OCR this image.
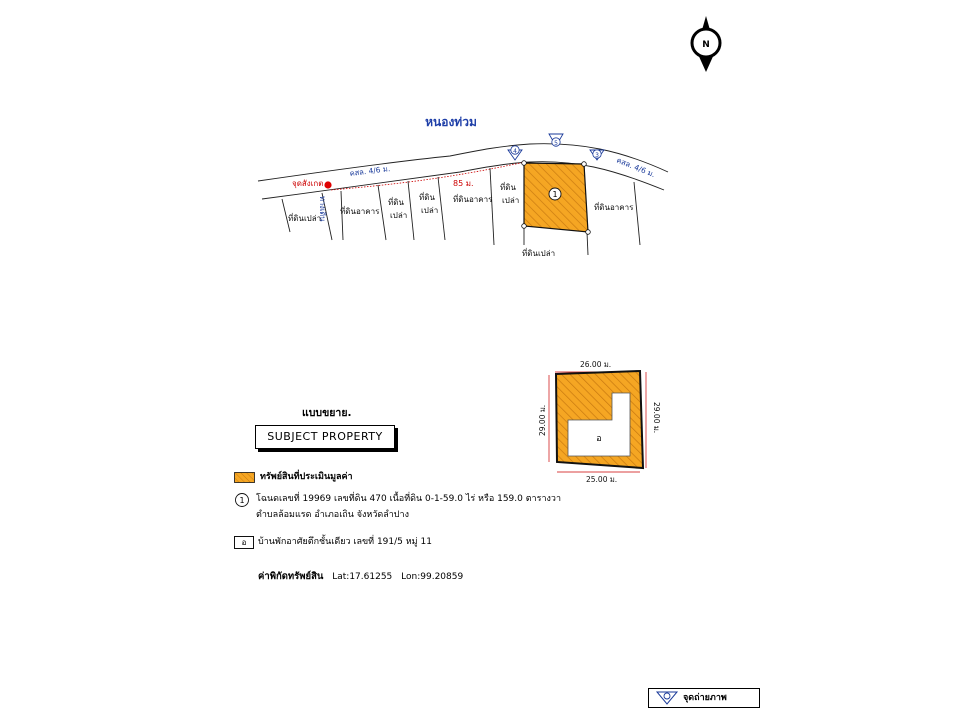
N
หนองท่วม
1
จุดสังเกต
คสล. 4/6 ม.	คสล. 4/6 ม.
ทางเดิน
85 ม.
ที่ดินเปล่า
ที่ดินอาคาร
ที่ดิน
เปล่า
ที่ดิน
เปล่า
ที่ดินอาคาร
ที่ดิน
เปล่า
ที่ดินอาคาร
ที่ดินเปล่า
4
5
3
อ
26.00 ม.
25.00 ม.
29.00 ม.	29.00 ม.
แบบขยาย.
SUBJECT PROPERTY
ทรัพย์สินที่ประเมินมูลค่า
1 โฉนดเลขที่ 19969 เลขที่ดิน 470 เนื้อที่ดิน 0-1-59.0 ไร่ หรือ 159.0 ตารางวา
ตำบลล้อมแรด อำเภอเถิน จังหวัดลำปาง
อ	บ้านพักอาศัยตึกชั้นเดียว เลขที่ 191/5 หมู่ 11
ค่าพิกัดทรัพย์สิน Lat:17.61255 Lon:99.20859
จุดถ่ายภาพ
